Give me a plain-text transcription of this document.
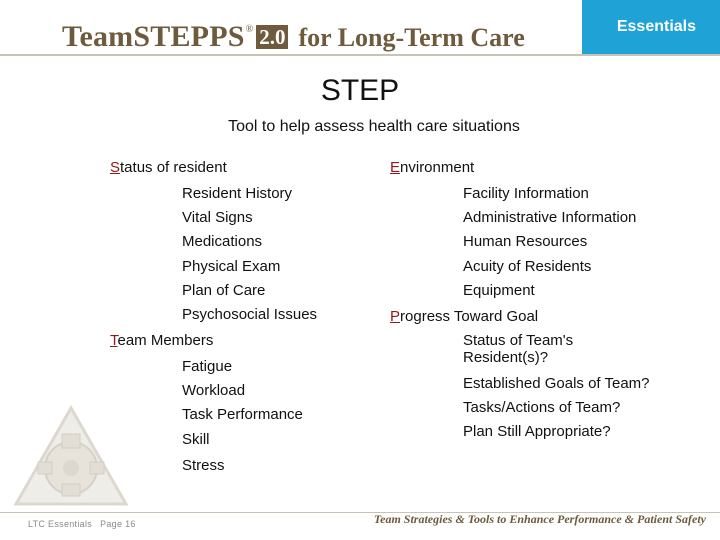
TeamSTEPPS ® 2.0 for Long-Term Care	Essentials
STEP
Tool to help assess health care situations
Status of resident
Resident History
Vital Signs
Medications
Physical Exam
Plan of Care
Psychosocial Issues
Team Members
Fatigue
Workload
Task Performance
Skill
Stress
Environment
Facility Information
Administrative Information
Human Resources
Acuity of Residents
Equipment
Progress Toward Goal
Status of Team's Resident(s)?
Established Goals of Team?
Tasks/Actions of Team?
Plan Still Appropriate?
LTC Essentials Page 16	Team Strategies & Tools to Enhance Performance & Patient Safety
